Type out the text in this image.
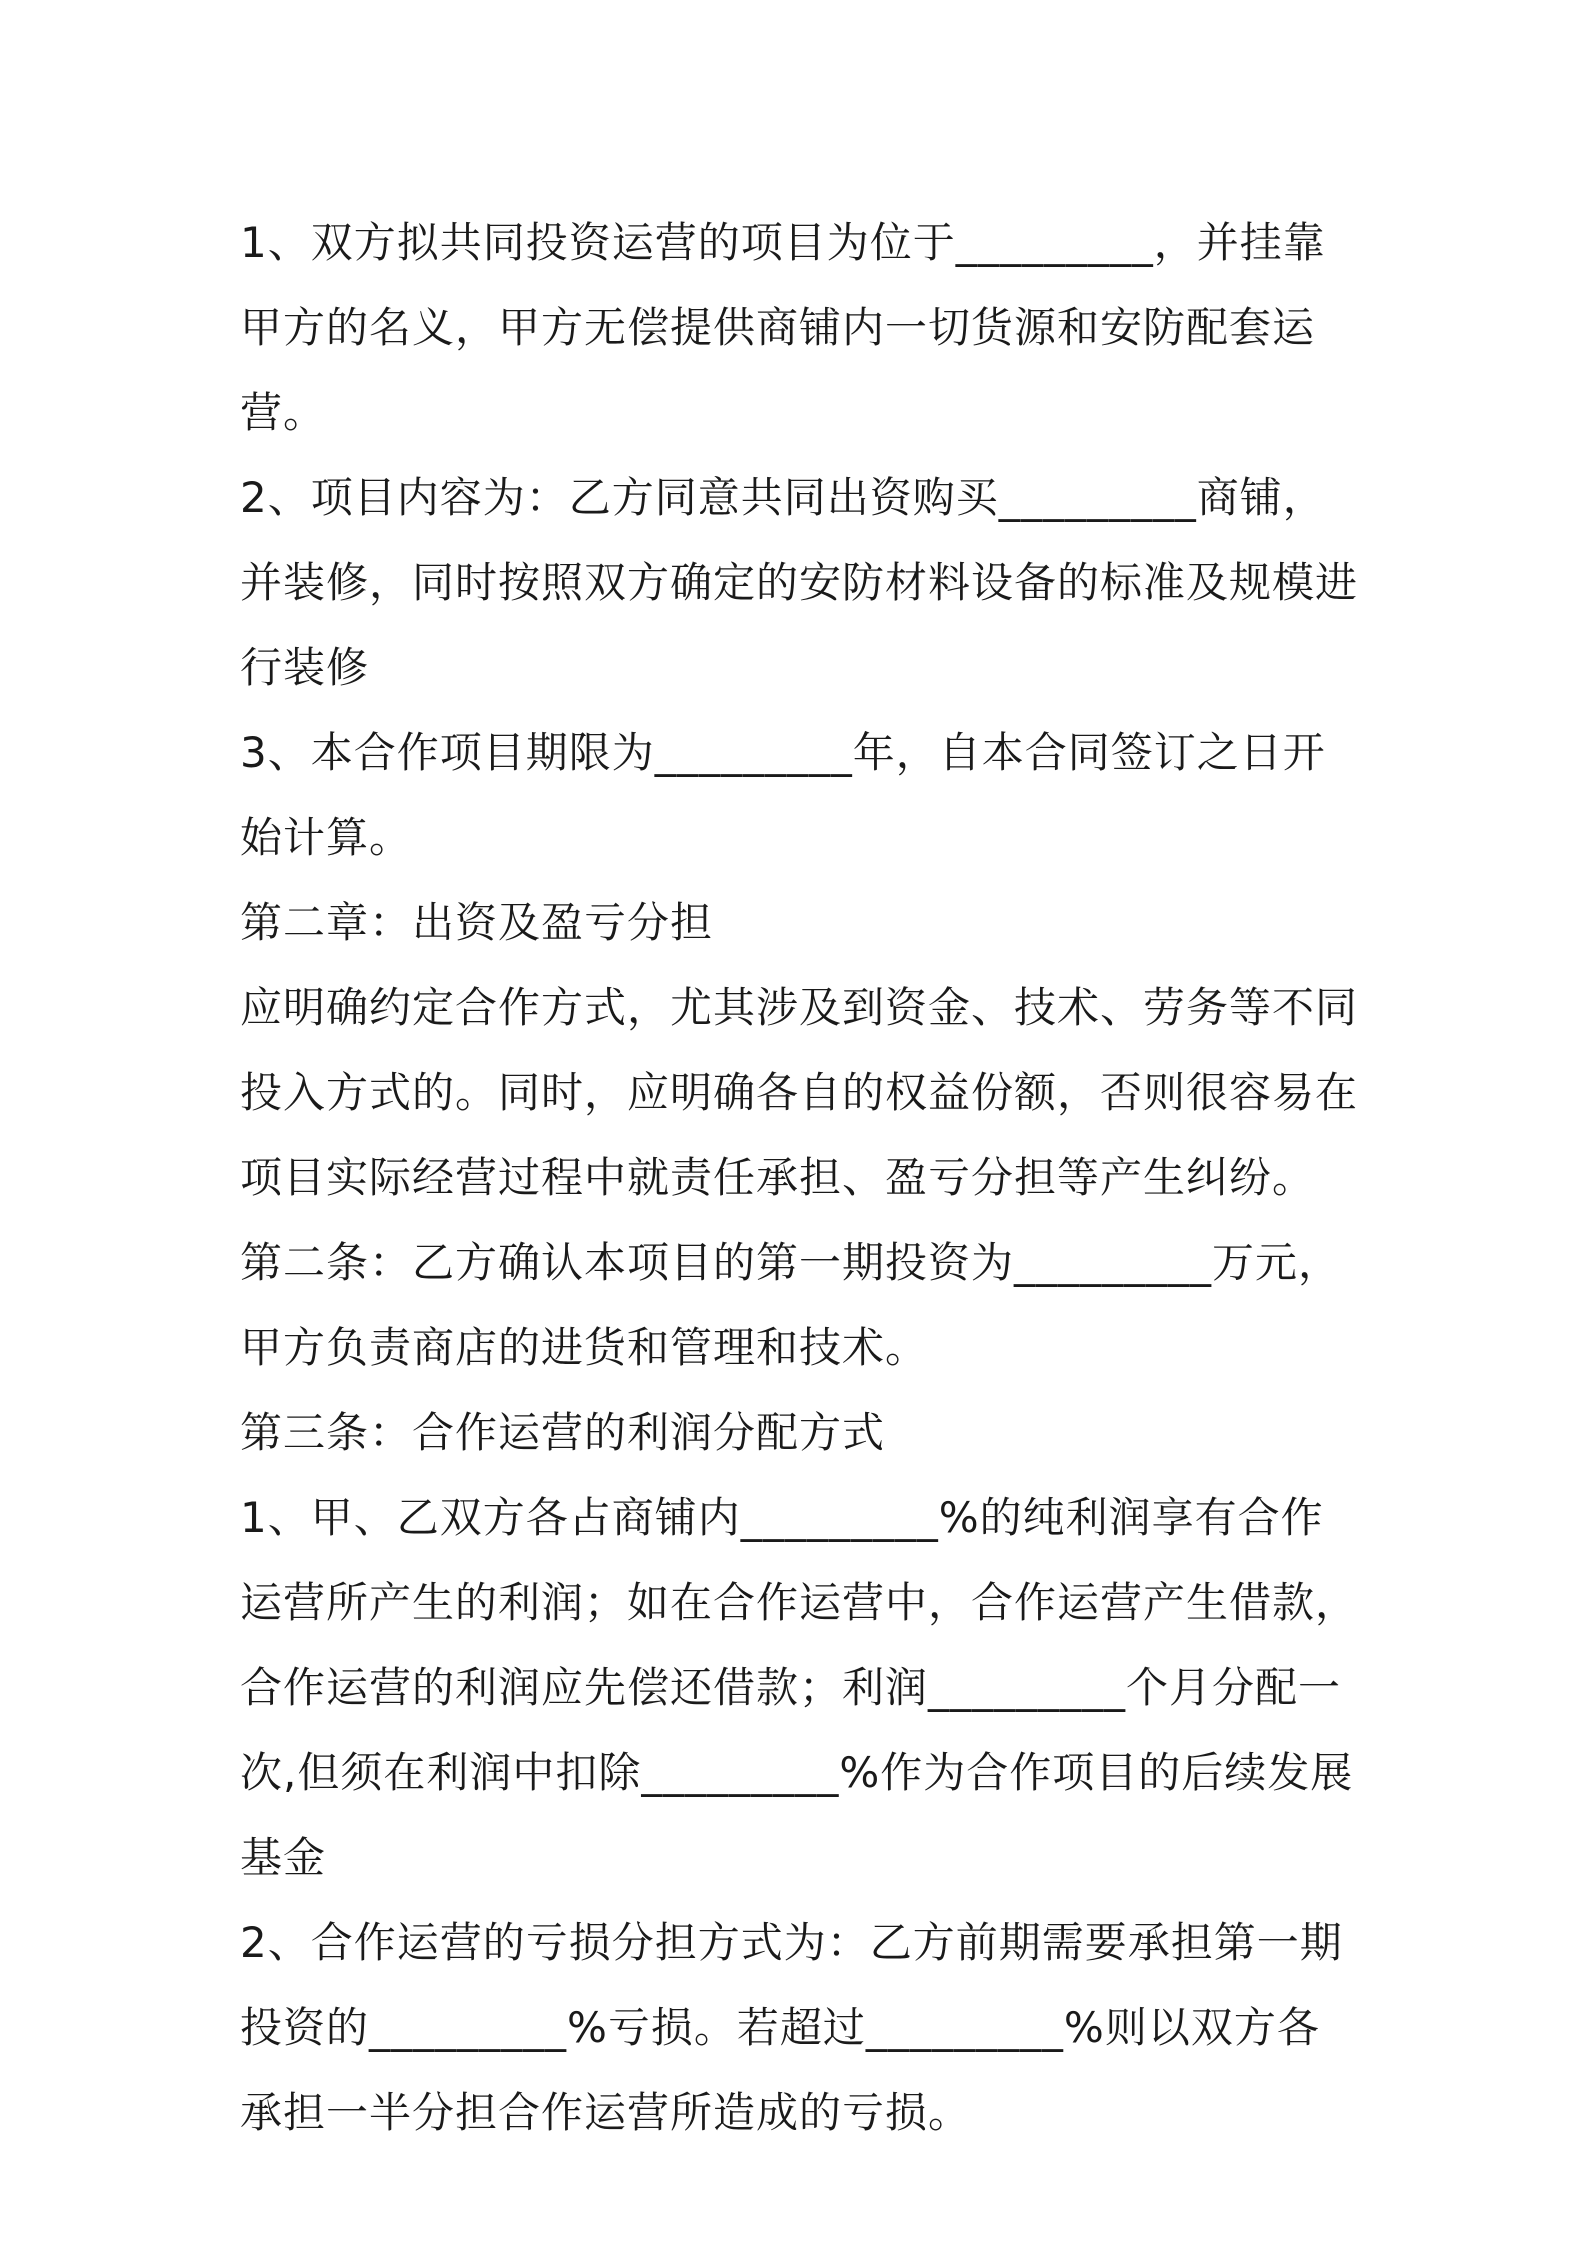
1、双方拟共同投资运营的项目为位于_________，并挂靠甲方的名义，甲方无偿提供商铺内一切货源和安防配套运营。

2、项目内容为：乙方同意共同出资购买_________商铺，并装修，同时按照双方确定的安防材料设备的标准及规模进行装修

3、本合作项目期限为_________年，自本合同签订之日开始计算。

第二章：出资及盈亏分担

应明确约定合作方式，尤其涉及到资金、技术、劳务等不同投入方式的。同时，应明确各自的权益份额，否则很容易在项目实际经营过程中就责任承担、盈亏分担等产生纠纷。

第二条：乙方确认本项目的第一期投资为_________万元，甲方负责商店的进货和管理和技术。

第三条：合作运营的利润分配方式

1、甲、乙双方各占商铺内_________%的纯利润享有合作运营所产生的利润；如在合作运营中，合作运营产生借款，合作运营的利润应先偿还借款；利润_________个月分配一次,但须在利润中扣除_________%作为合作项目的后续发展基金

2、合作运营的亏损分担方式为：乙方前期需要承担第一期投资的_________%亏损。若超过_________%则以双方各承担一半分担合作运营所造成的亏损。
